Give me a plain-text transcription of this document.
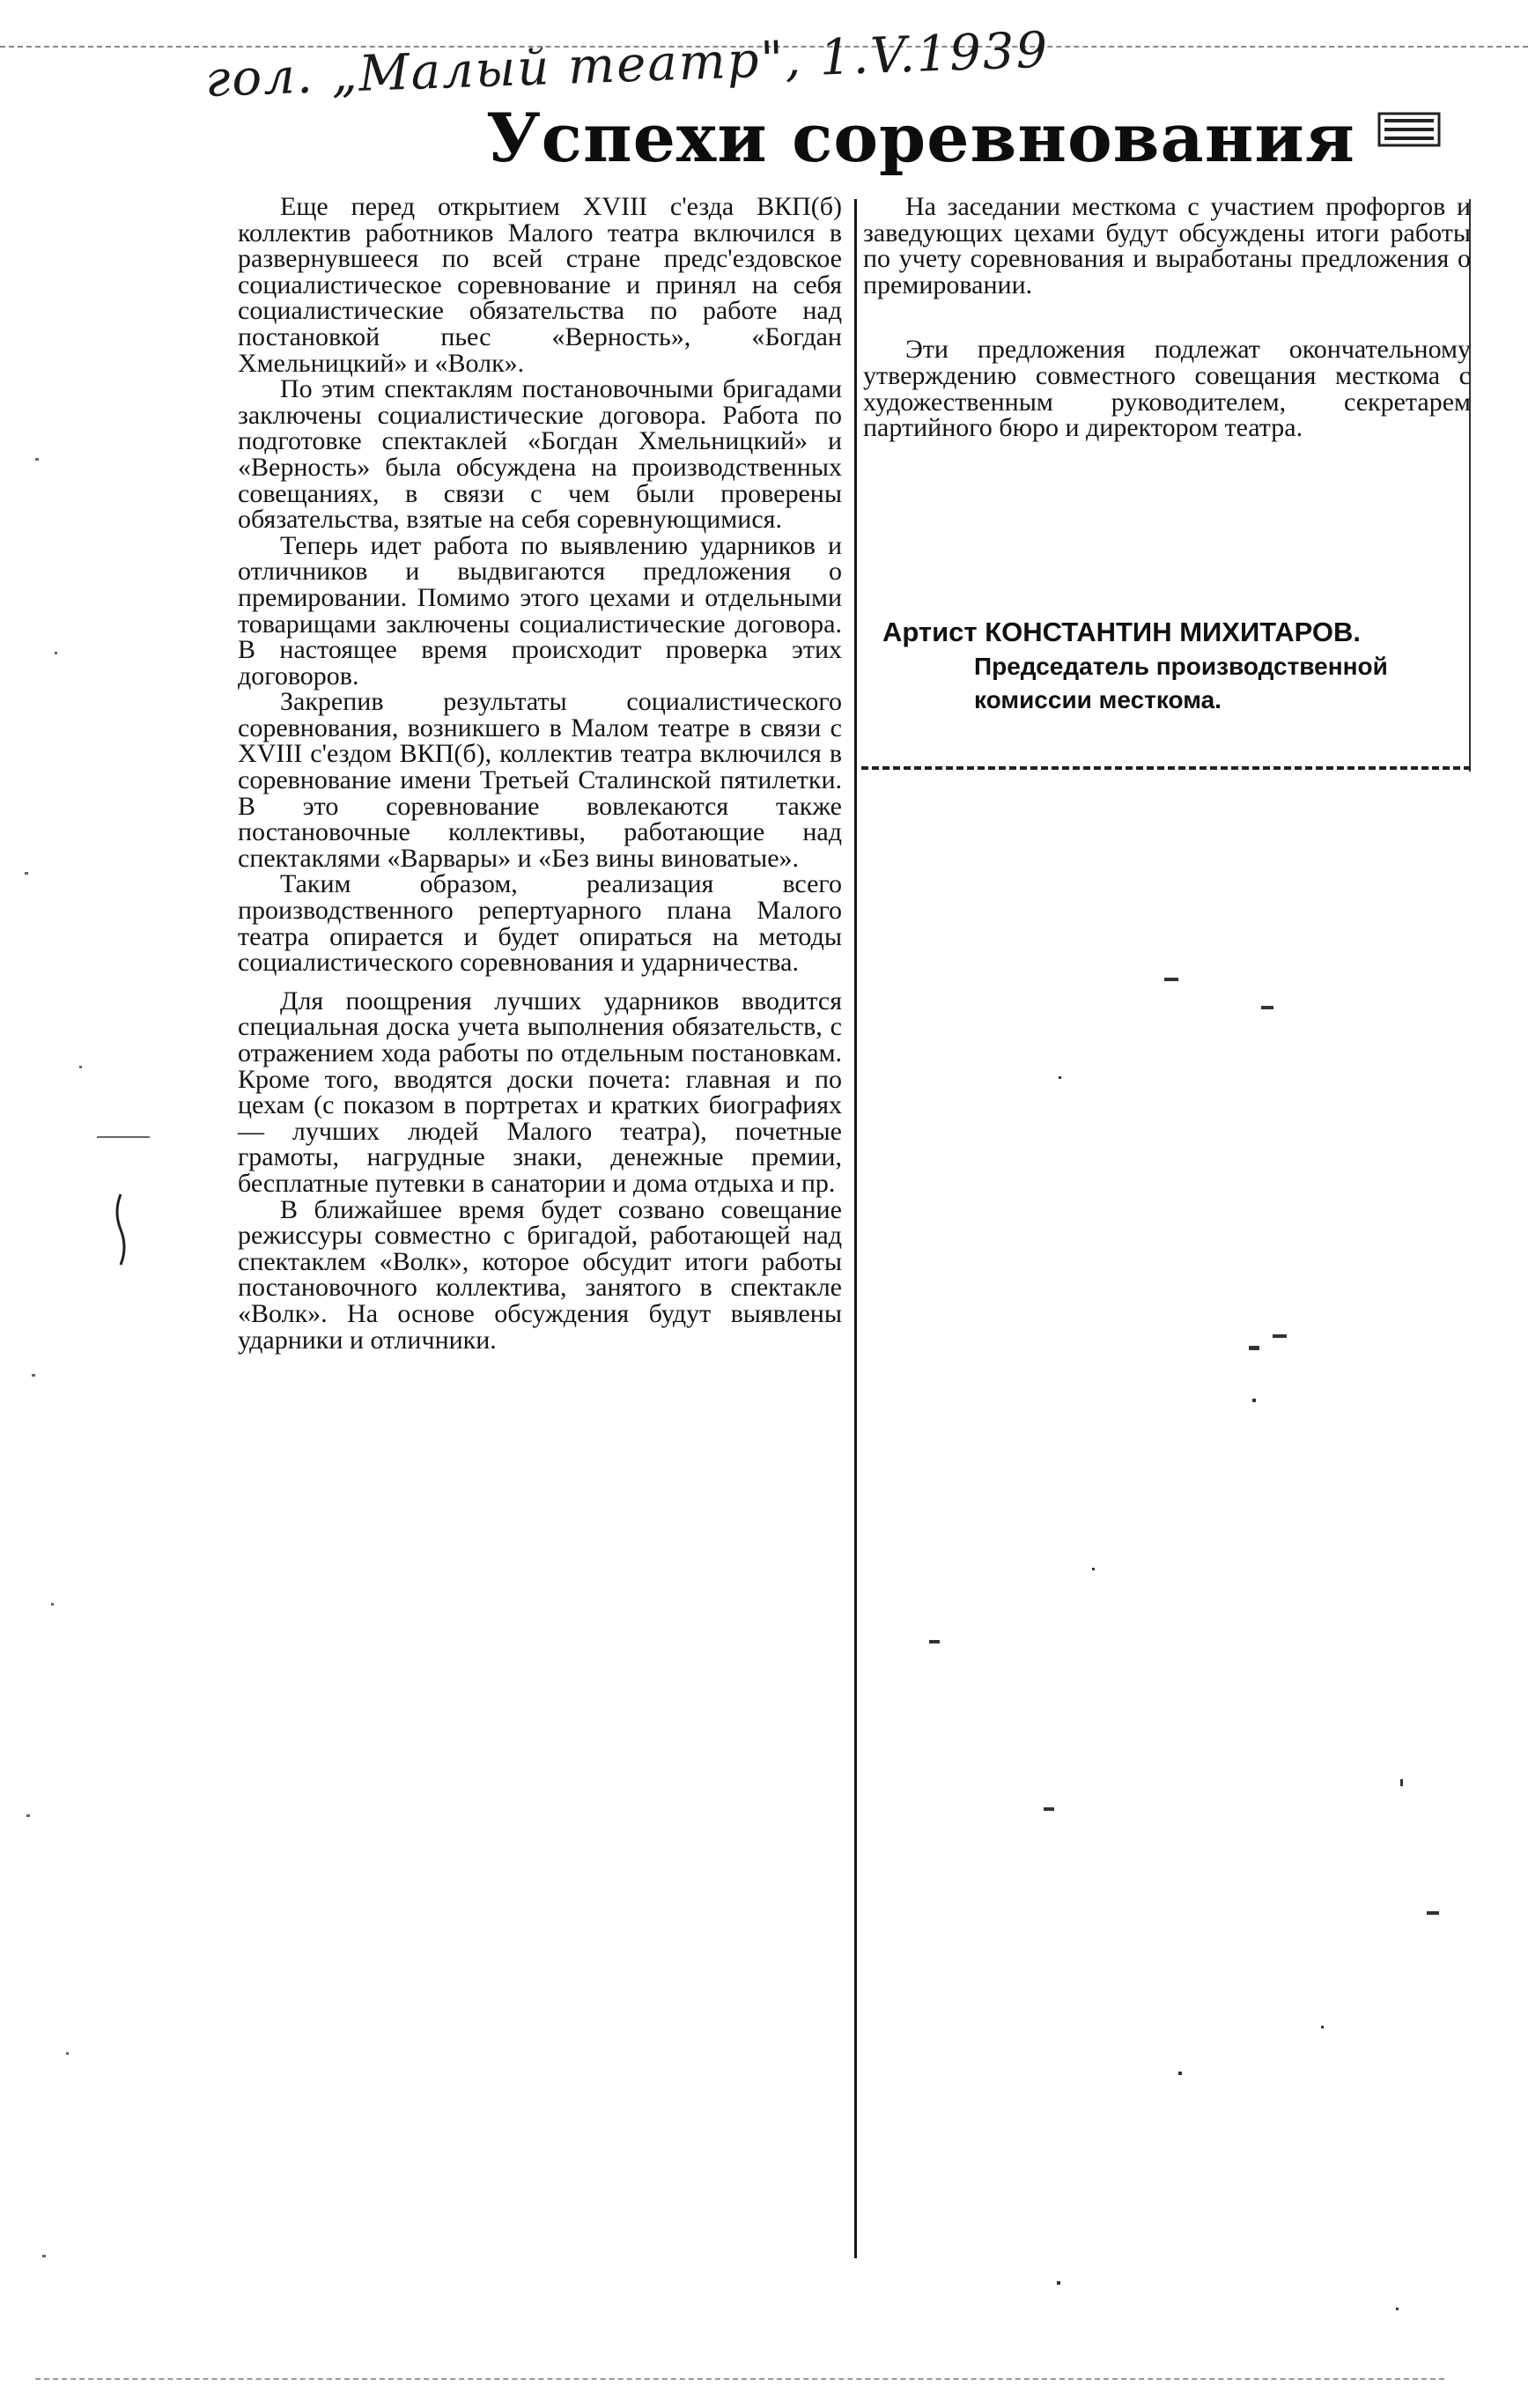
гол. „Малый театр", 1.V.1939
Успехи соревнования

Еще перед открытием XVIII с'езда ВКП(б) коллектив работников Малого театра включился в развернувшееся по всей стране предс'ездовское социалистическое соревнование и принял на себя социалистические обязательства по работе над постановкой пьес «Верность», «Богдан Хмельницкий» и «Волк».

По этим спектаклям постановочными бригадами заключены социалистические договора. Работа по подготовке спектаклей «Богдан Хмельницкий» и «Верность» была обсуждена на производственных совещаниях, в связи с чем были проверены обязательства, взятые на себя соревнующимися.

Теперь идет работа по выявлению ударников и отличников и выдвигаются предложения о премировании. Помимо этого цехами и отдельными товарищами заключены социалистические договора. В настоящее время происходит проверка этих договоров.

Закрепив результаты социалистического соревнования, возникшего в Малом театре в связи с XVIII с'ездом ВКП(б), коллектив театра включился в соревнование имени Третьей Сталинской пятилетки. В это соревнование вовлекаются также постановочные коллективы, работающие над спектаклями «Варвары» и «Без вины виноватые».

Таким образом, реализация всего производственного репертуарного плана Малого театра опирается и будет опираться на методы социалистического соревнования и ударничества.

Для поощрения лучших ударников вводится специальная доска учета выполнения обязательств, с отражением хода работы по отдельным постановкам. Кроме того, вводятся доски почета: главная и по цехам (с показом в портретах и кратких биографиях — лучших людей Малого театра), почетные грамоты, нагрудные знаки, денежные премии, бесплатные путевки в санатории и дома отдыха и пр.

В ближайшее время будет созвано совещание режиссуры совместно с бригадой, работающей над спектаклем «Волк», которое обсудит итоги работы постановочного коллектива, занятого в спектакле «Волк». На основе обсуждения будут выявлены ударники и отличники.

На заседании месткома с участием профоргов и заведующих цехами будут обсуждены итоги работы по учету соревнования и выработаны предложения о премировании.

Эти предложения подлежат окончательному утверждению совместного совещания месткома с художественным руководителем, секретарем партийного бюро и директором театра.

Артист КОНСТАНТИН МИХИТАРОВ.
Председатель производственной комиссии месткома.
